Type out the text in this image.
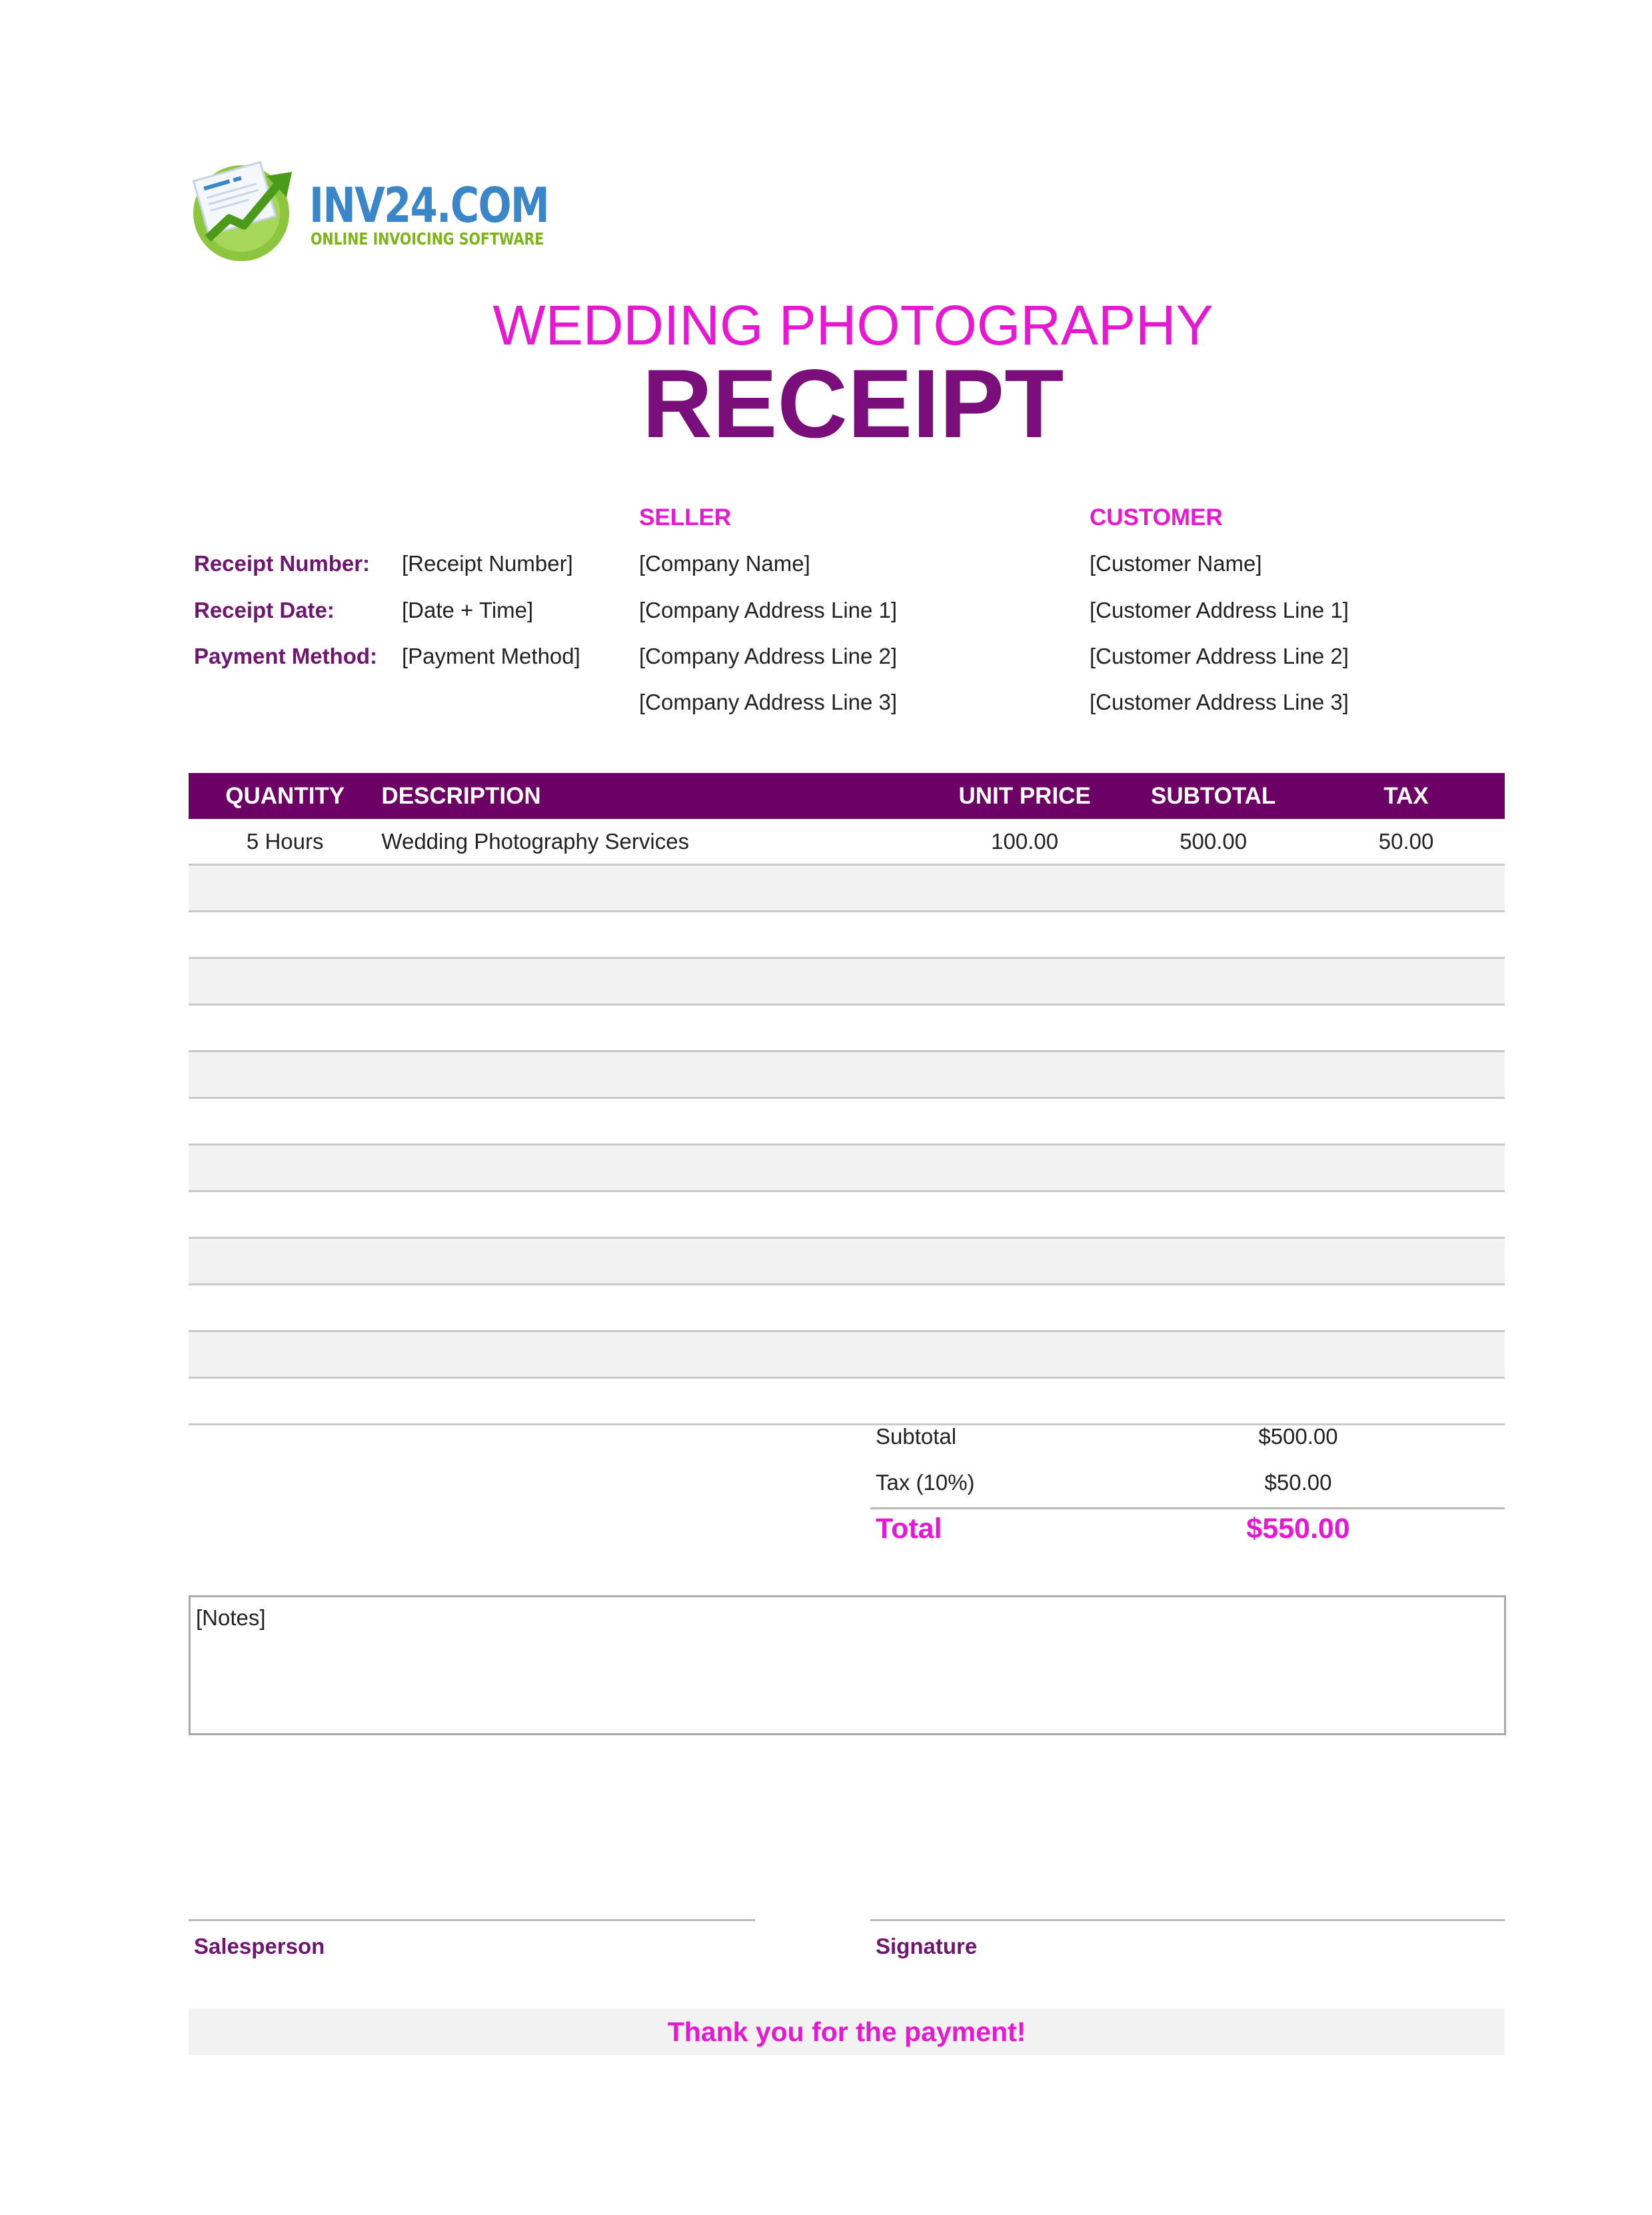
INV24.COM
ONLINE INVOICING SOFTWARE
WEDDING PHOTOGRAPHY
RECEIPT
Receipt Number: [Receipt Number]
Receipt Date:	[Date + Time]
Payment Method: [Payment Method]
SELLER
[Company Name]
[Company Address Line 1]
[Company Address Line 2]
[Company Address Line 3]
CUSTOMER
[Customer Name]
[Customer Address Line 1]
[Customer Address Line 2]
[Customer Address Line 3]
QUANTITY	DESCRIPTION	UNIT PRICE	SUBTOTAL	TAX
5 Hours	Wedding Photography Services	100.00	500.00	50.00
Subtotal	$500.00
Tax (10%)	$50.00
Total	$550.00
[Notes]
Salesperson	Signature
Thank you for the payment!
